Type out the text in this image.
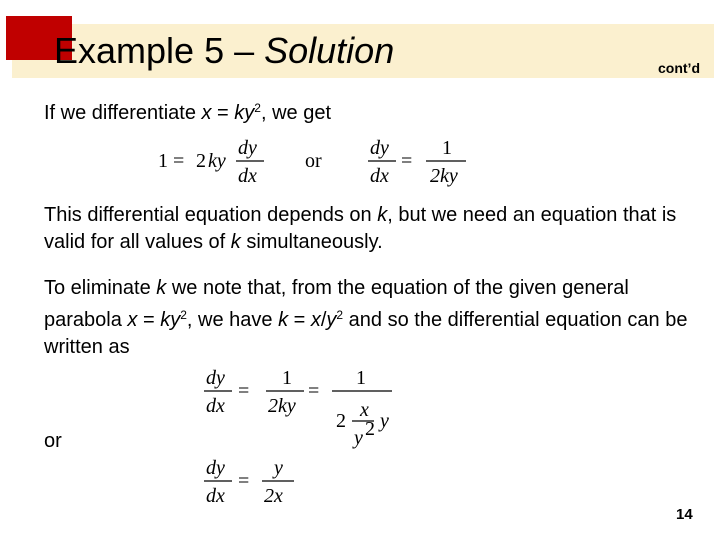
Example 5 – Solution	cont’d

If we differentiate $x = ky^2$, we get

1 = 2 ky
dy
dx
or
dy
dx
=
1
2ky

This differential equation depends on k, but we need an equation that is valid for all values of k simultaneously.

To eliminate k we note that, from the equation of the given general parabola $x = ky^2$, we have $k = x/y^2$ and so the differential equation can be written as

dy
dx
=
1
2ky
=
1
2 x
y 2 y

or

dy
dx
=
y
2x
14
